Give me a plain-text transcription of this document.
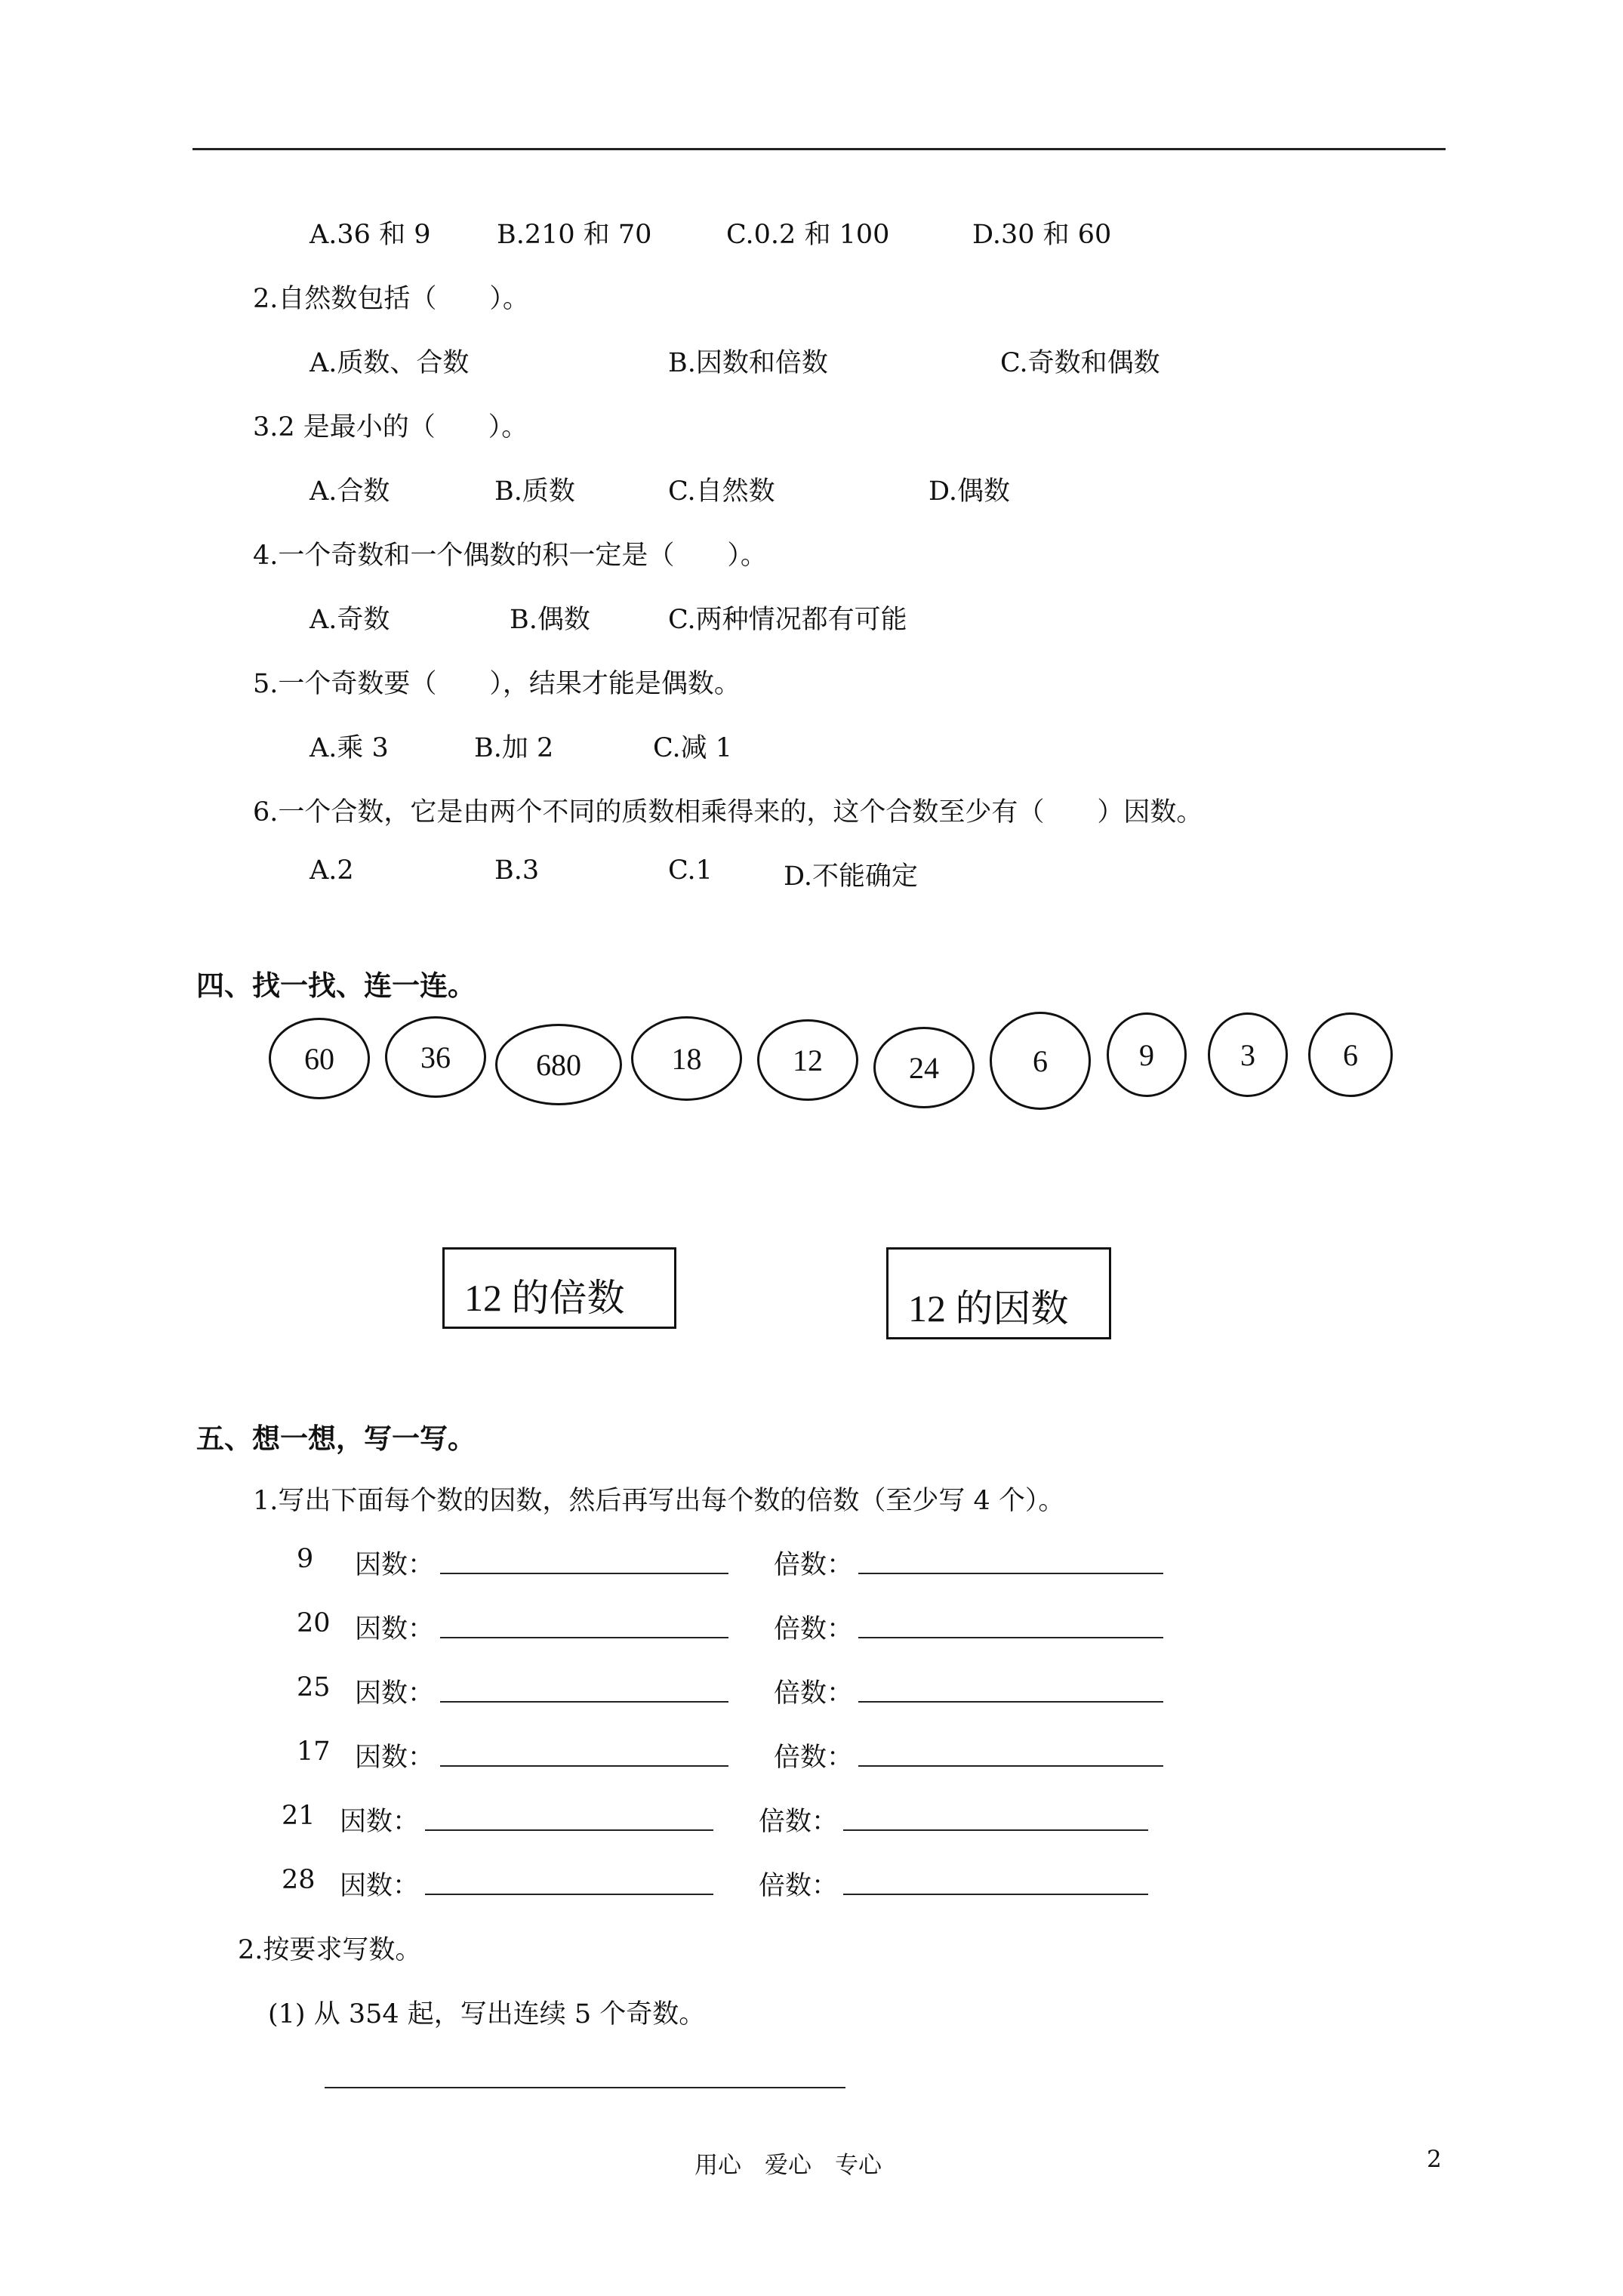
A.36 和 9	B.210 和 70	C.0.2 和 100	D.30 和 60
2.自然数包括（　　）。
A.质数、合数	B.因数和倍数	C.奇数和偶数
3.2 是最小的（　　）。
A.合数	B.质数	C.自然数	D.偶数
4.一个奇数和一个偶数的积一定是（　　）。
A.奇数	B.偶数	C.两种情况都有可能
5.一个奇数要（　　），结果才能是偶数。
A.乘 3	B.加 2	C.减 1
6.一个合数，它是由两个不同的质数相乘得来的，这个合数至少有（　　）因数。
A.2	B.3	C.1	D.不能确定
四、找一找、连一连。
60	36	680	18	12	24	6	9	3	6
12 的倍数	12 的因数
五、想一想，写一写。
1.写出下面每个数的因数，然后再写出每个数的倍数（至少写 4 个）。
9 因数：	倍数：
20 因数：	倍数：
25 因数：	倍数：
17 因数：	倍数：
21 因数：	倍数：
28 因数：	倍数：
2.按要求写数。
(1) 从 354 起，写出连续 5 个奇数。
用心　爱心　专心	2
